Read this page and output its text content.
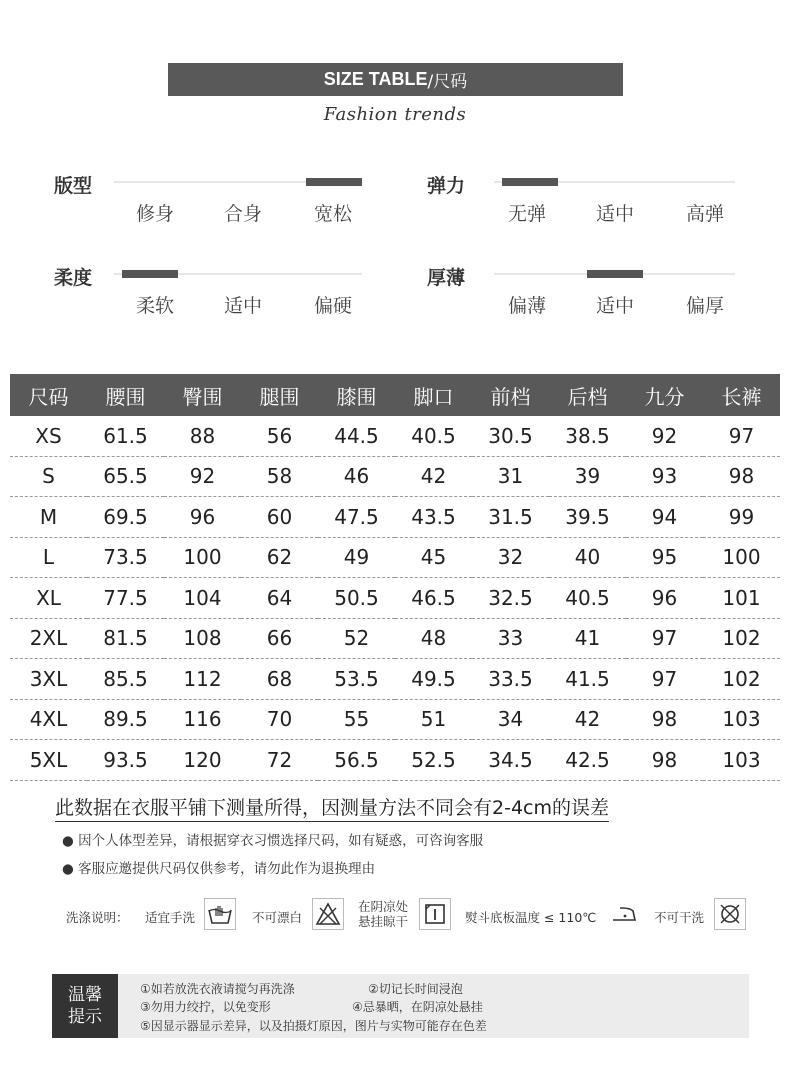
SIZE TABLE /尺码
Fashion trends
版型
修身	合身	宽松
弹力
无弹	适中	高弹
柔度
柔软	适中	偏硬
厚薄
偏薄	适中	偏厚
尺码	腰围	臀围	腿围	膝围	脚口	前档	后档	九分	长裤
XS	61.5	88	56	44.5	40.5	30.5	38.5	92	97
S	65.5	92	58	46	42	31	39	93	98
M	69.5	96	60	47.5	43.5	31.5	39.5	94	99
L	73.5	100	62	49	45	32	40	95	100
XL	77.5	104	64	50.5	46.5	32.5	40.5	96	101
2XL	81.5	108	66	52	48	33	41	97	102
3XL	85.5	112	68	53.5	49.5	33.5	41.5	97	102
4XL	89.5	116	70	55	51	34	42	98	103
5XL	93.5	120	72	56.5	52.5	34.5	42.5	98	103
此数据在衣服平铺下测量所得，因测量方法不同会有2-4cm的误差
● 因个人体型差异，请根据穿衣习惯选择尺码，如有疑惑，可咨询客服
● 客服应邀提供尺码仅供参考，请勿此作为退换理由
洗涤说明： 适宜手洗	不可漂白
在阴凉处
悬挂晾干	熨斗底板温度 ≤ 110℃	不可干洗
温馨
提示
①如若放洗衣液请搅匀再洗涤	②切记长时间浸泡
③勿用力绞拧，以免变形	④忌暴晒，在阴凉处悬挂
⑤因显示器显示差异，以及拍摄灯原因，图片与实物可能存在色差
